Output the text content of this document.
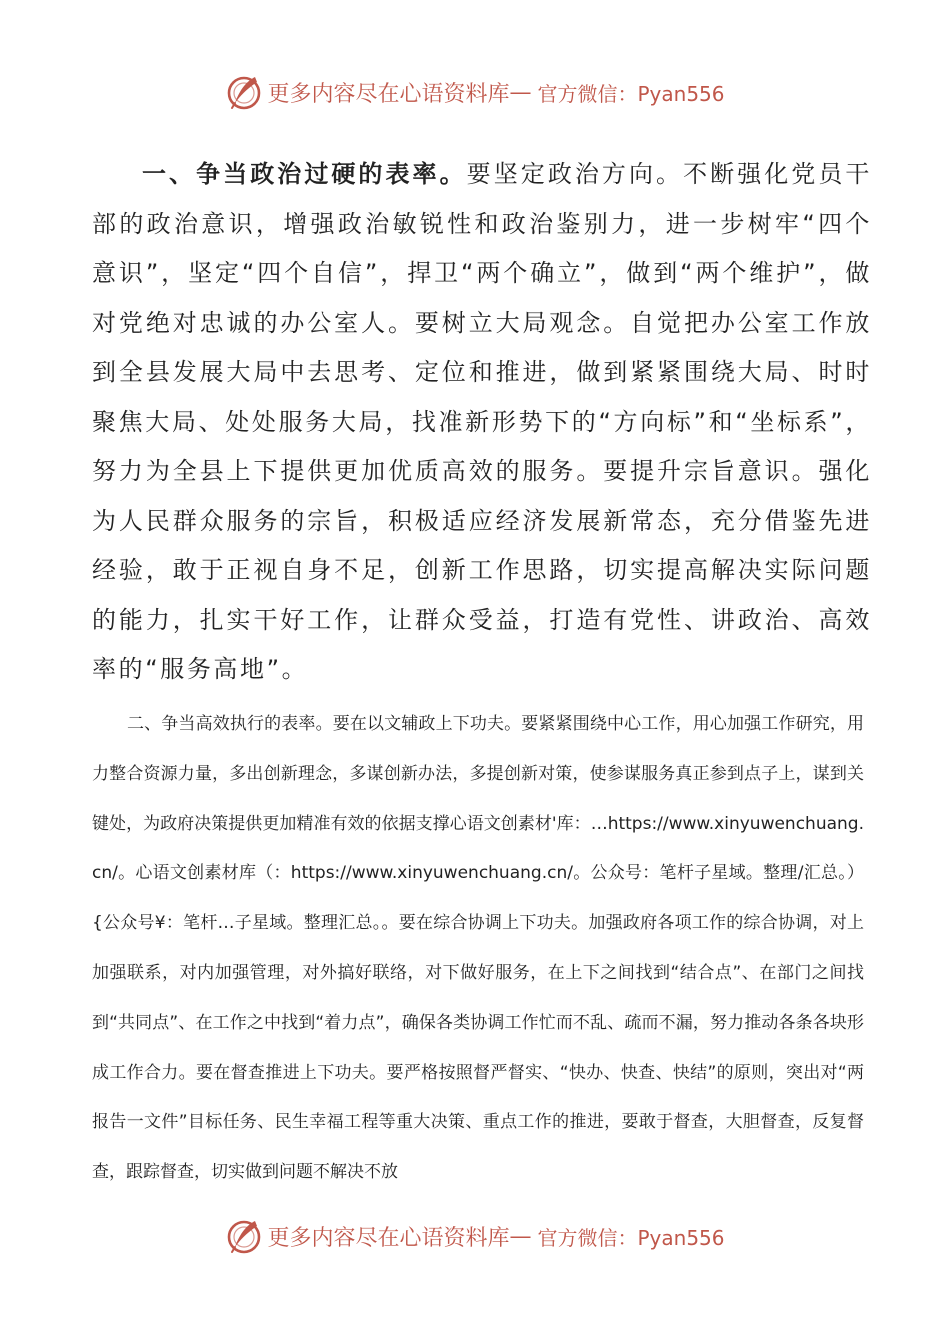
更多内容尽在心语资料库 — 官方微信：Pyan556

一、争当政治过硬的表率。要坚定政治方向。不断强化党员干部的政治意识，增强政治敏锐性和政治鉴别力，进一步树牢“四个意识”，坚定“四个自信”，捍卫“两个确立”，做到“两个维护”，做对党绝对忠诚的办公室人。要树立大局观念。自觉把办公室工作放到全县发展大局中去思考、定位和推进，做到紧紧围绕大局、时时聚焦大局、处处服务大局，找准新形势下的“方向标”和“坐标系”，努力为全县上下提供更加优质高效的服务。要提升宗旨意识。强化为人民群众服务的宗旨，积极适应经济发展新常态，充分借鉴先进经验，敢于正视自身不足，创新工作思路，切实提高解决实际问题的能力，扎实干好工作，让群众受益，打造有党性、讲政治、高效率的“服务高地”。

二、争当高效执行的表率。要在以文辅政上下功夫。要紧紧围绕中心工作，用心加强工作研究，用力整合资源力量，多出创新理念，多谋创新办法，多提创新对策，使参谋服务真正参到点子上，谋到关键处，为政府决策提供更加精准有效的依据支撑心语文创素材'库：…https://www.xinyuwenchuang.cn/。心语文创素材库（：https://www.xinyuwenchuang.cn/。公众号：笔杆子星域。整理/汇总。）{公众号¥：笔杆…子星域。整理汇总。。要在综合协调上下功夫。加强政府各项工作的综合协调，对上加强联系，对内加强管理，对外搞好联络，对下做好服务，在上下之间找到“结合点”、在部门之间找到“共同点”、在工作之中找到“着力点”，确保各类协调工作忙而不乱、疏而不漏，努力推动各条各块形成工作合力。要在督查推进上下功夫。要严格按照督严督实、“快办、快查、快结”的原则，突出对“两报告一文件”目标任务、民生幸福工程等重大决策、重点工作的推进，要敢于督查，大胆督查，反复督查，跟踪督查，切实做到问题不解决不放

更多内容尽在心语资料库 — 官方微信：Pyan556
